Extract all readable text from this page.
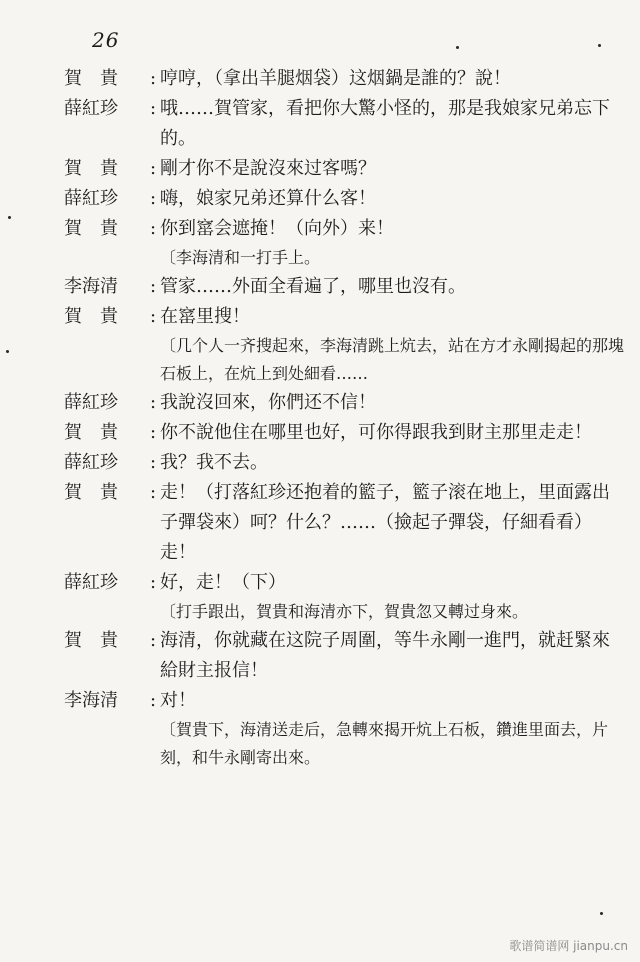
26
賀　貴	: 哼哼，（拿出羊腿烟袋）这烟鍋是誰的？說！
薛紅珍	: 哦……賀管家，看把你大驚小怪的，那是我娘家兄弟忘下的。
賀　貴	: 剛才你不是說沒來过客嗎？
薛紅珍	: 嗨，娘家兄弟还算什么客！
賀　貴	: 你到窰会遮掩！（向外）来！
〔李海清和一打手上。
李海清	: 管家……外面全看遍了，哪里也沒有。
賀　貴	: 在窰里搜！
〔几个人一齐搜起來，李海清跳上炕去，站在方才永剛揭起的那塊石板上，在炕上到处細看……
薛紅珍	: 我說沒回來，你們还不信！
賀　貴	: 你不說他住在哪里也好，可你得跟我到財主那里走走！
薛紅珍	: 我？我不去。
賀　貴	: 走！（打落紅珍还抱着的籃子，籃子滚在地上，里面露出子彈袋來）呵？什么？……（撿起子彈袋，仔細看看）走！
薛紅珍	: 好，走！（下）
〔打手跟出，賀貴和海清亦下，賀貴忽又轉过身來。
賀　貴	: 海清，你就藏在这院子周圍，等牛永剛一進門，就赶緊來給財主报信！
李海清	: 对！
〔賀貴下，海清送走后，急轉來揭开炕上石板，鑽進里面去，片刻，和牛永剛寄出來。
歌谱简谱网 jianpu.cn
